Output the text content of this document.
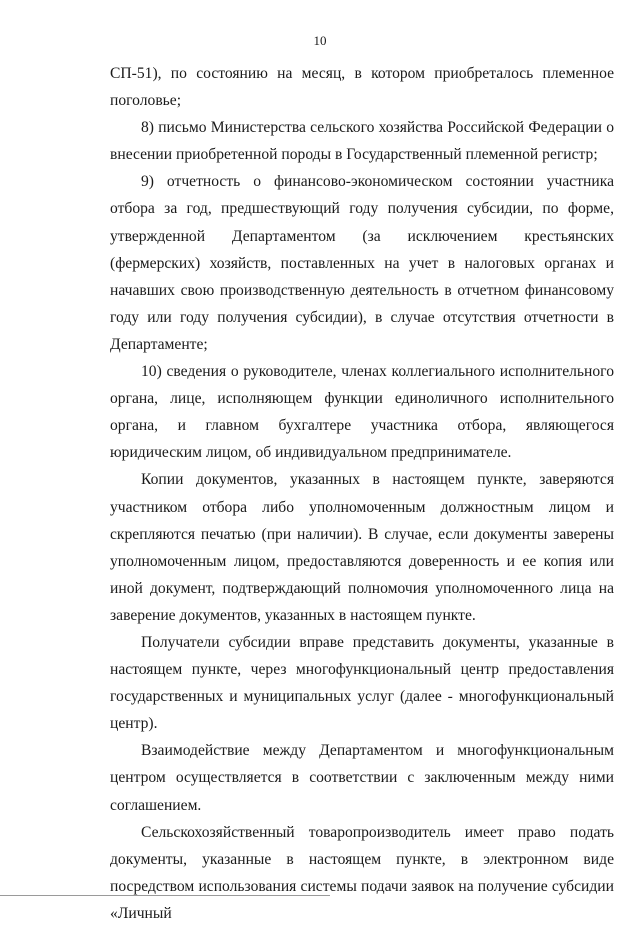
10

СП-51), по состоянию на месяц, в котором приобреталось племенное поголовье;

8) письмо Министерства сельского хозяйства Российской Федерации о внесении приобретенной породы в Государственный племенной регистр;

9) отчетность о финансово-экономическом состоянии участника отбора за год, предшествующий году получения субсидии, по форме, утвержденной Департаментом (за исключением крестьянских (фермерских) хозяйств, поставленных на учет в налоговых органах и начавших свою производственную деятельность в отчетном финансовому году или году получения субсидии), в случае отсутствия отчетности в Департаменте;

10) сведения о руководителе, членах коллегиального исполнительного органа, лице, исполняющем функции единоличного исполнительного органа, и главном бухгалтере участника отбора, являющегося юридическим лицом, об индивидуальном предпринимателе.

Копии документов, указанных в настоящем пункте, заверяются участником отбора либо уполномоченным должностным лицом и скрепляются печатью (при наличии). В случае, если документы заверены уполномоченным лицом, предоставляются доверенность и ее копия или иной документ, подтверждающий полномочия уполномоченного лица на заверение документов, указанных в настоящем пункте.

Получатели субсидии вправе представить документы, указанные в настоящем пункте, через многофункциональный центр предоставления государственных и муниципальных услуг (далее - многофункциональный центр).

Взаимодействие между Департаментом и многофункциональным центром осуществляется в соответствии с заключенным между ними соглашением.

Сельскохозяйственный товаропроизводитель имеет право подать документы, указанные в настоящем пункте, в электронном виде посредством использования системы подачи заявок на получение субсидии «Личный
